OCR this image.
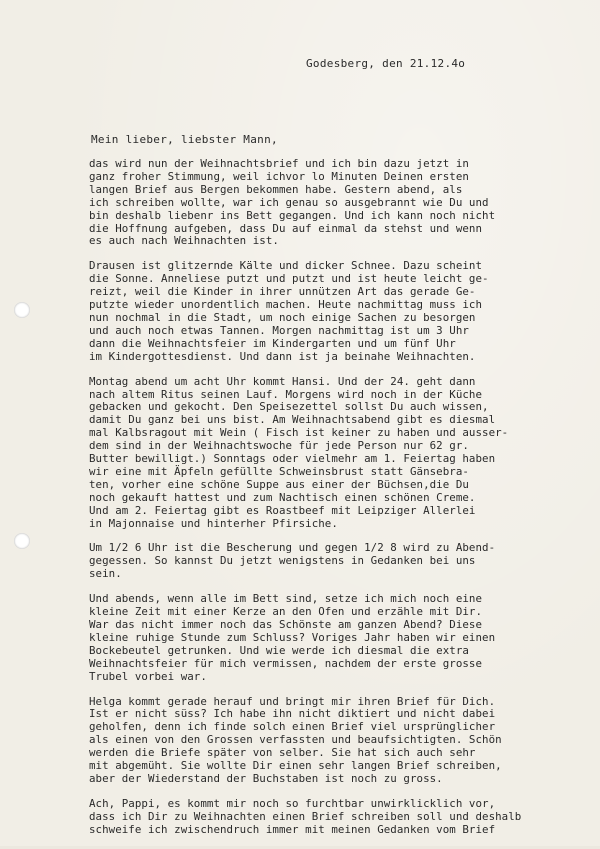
Godesberg, den 21.12.4o
Mein lieber, liebster Mann,
das wird nun der Weihnachtsbrief und ich bin dazu jetzt in
ganz froher Stimmung, weil ichvor lo Minuten Deinen ersten
langen Brief aus Bergen bekommen habe. Gestern abend, als
ich schreiben wollte, war ich genau so ausgebrannt wie Du und
bin deshalb liebenr ins Bett gegangen. Und ich kann noch nicht
die Hoffnung aufgeben, dass Du auf einmal da stehst und wenn
es auch nach Weihnachten ist.
Drausen ist glitzernde Kälte und dicker Schnee. Dazu scheint
die Sonne. Anneliese putzt und putzt und ist heute leicht ge-
reizt, weil die Kinder in ihrer unnützen Art das gerade Ge-
putzte wieder unordentlich machen. Heute nachmittag muss ich
nun nochmal in die Stadt, um noch einige Sachen zu besorgen
und auch noch etwas Tannen. Morgen nachmittag ist um 3 Uhr
dann die Weihnachtsfeier im Kindergarten und um fünf Uhr
im Kindergottesdienst. Und dann ist ja beinahe Weihnachten.
Montag abend um acht Uhr kommt Hansi. Und der 24. geht dann
nach altem Ritus seinen Lauf. Morgens wird noch in der Küche
gebacken und gekocht. Den Speisezettel sollst Du auch wissen,
damit Du ganz bei uns bist. Am Weihnachtsabend gibt es diesmal
mal Kalbsragout mit Wein ( Fisch ist keiner zu haben und ausser-
dem sind in der Weihnachtswoche für jede Person nur 62 gr.
Butter bewilligt.) Sonntags oder vielmehr am 1. Feiertag haben
wir eine mit Äpfeln gefüllte Schweinsbrust statt Gänsebra-
ten, vorher eine schöne Suppe aus einer der Büchsen,die Du
noch gekauft hattest und zum Nachtisch einen schönen Creme.
Und am 2. Feiertag gibt es Roastbeef mit Leipziger Allerlei
in Majonnaise und hinterher Pfirsiche.
Um 1/2 6 Uhr ist die Bescherung und gegen 1/2 8 wird zu Abend-
gegessen. So kannst Du jetzt wenigstens in Gedanken bei uns
sein.
Und abends, wenn alle im Bett sind, setze ich mich noch eine
kleine Zeit mit einer Kerze an den Ofen und erzähle mit Dir.
War das nicht immer noch das Schönste am ganzen Abend? Diese
kleine ruhige Stunde zum Schluss? Voriges Jahr haben wir einen
Bockebeutel getrunken. Und wie werde ich diesmal die extra
Weihnachtsfeier für mich vermissen, nachdem der erste grosse
Trubel vorbei war.
Helga kommt gerade herauf und bringt mir ihren Brief für Dich.
Ist er nicht süss? Ich habe ihn nicht diktiert und nicht dabei
geholfen, denn ich finde solch einen Brief viel ursprünglicher
als einen von den Grossen verfassten und beaufsichtigten. Schön
werden die Briefe später von selber. Sie hat sich auch sehr
mit abgemüht. Sie wollte Dir einen sehr langen Brief schreiben,
aber der Wiederstand der Buchstaben ist noch zu gross.
Ach, Pappi, es kommt mir noch so furchtbar unwirklicklich vor,
dass ich Dir zu Weihnachten einen Brief schreiben soll und deshalb
schweife ich zwischendruch immer mit meinen Gedanken vom Brief
